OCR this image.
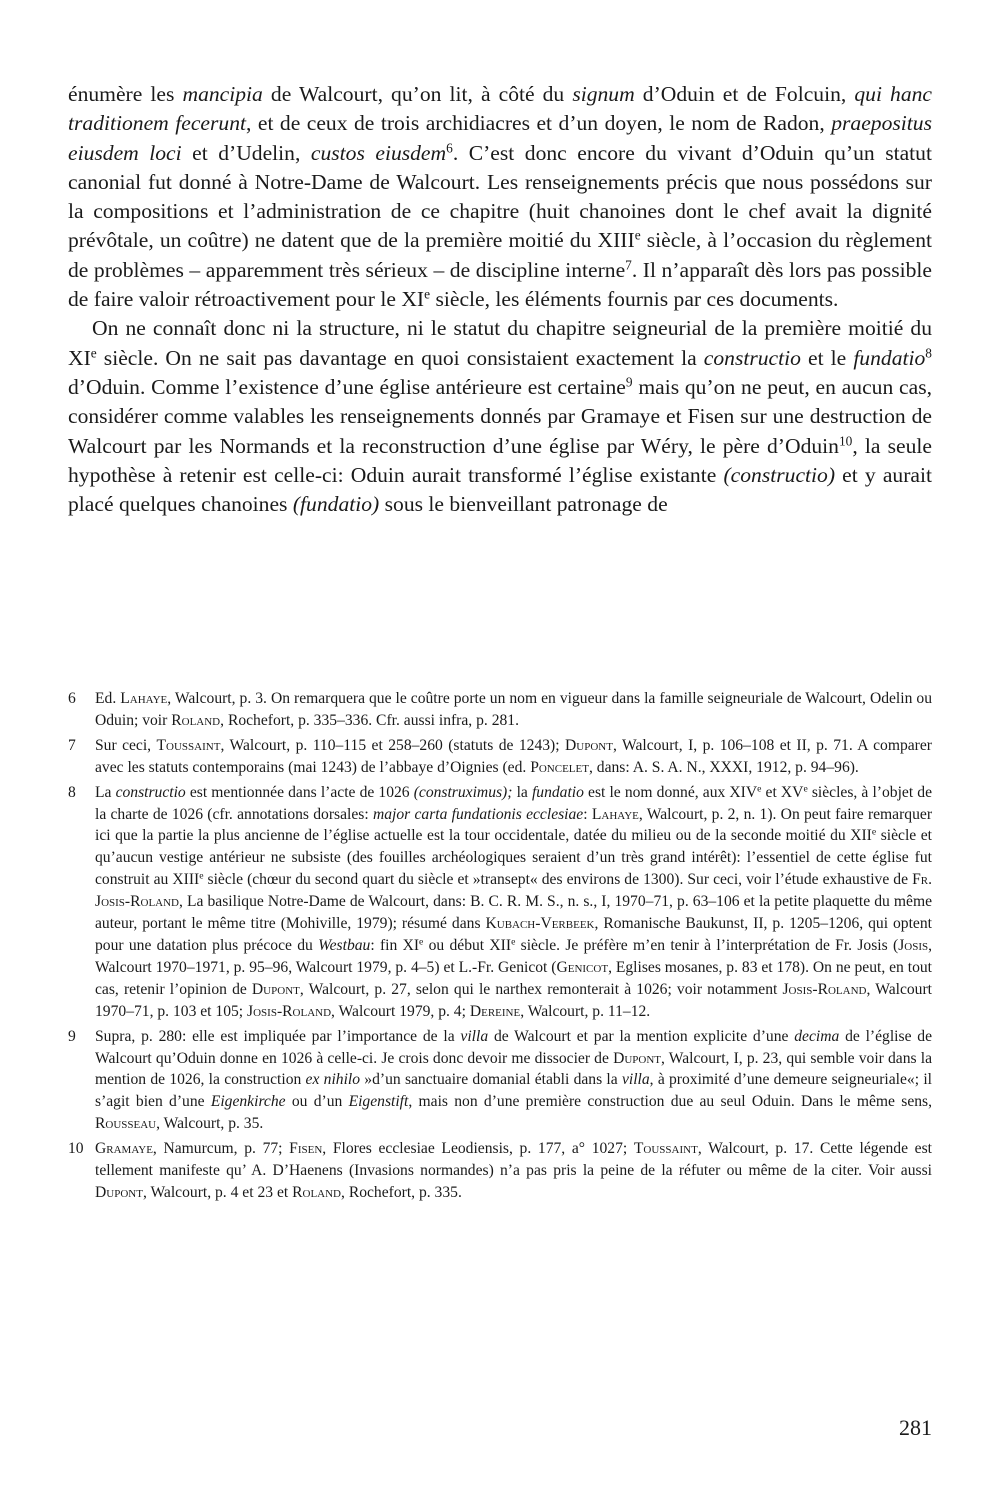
énumère les mancipia de Walcourt, qu’on lit, à côté du signum d’Oduin et de Folcuin, qui hanc traditionem fecerunt, et de ceux de trois archidiacres et d’un doyen, le nom de Radon, praepositus eiusdem loci et d’Udelin, custos eiusdem$^6$. C’est donc encore du vivant d’Oduin qu’un statut canonial fut donné à Notre-Dame de Walcourt. Les renseignements précis que nous possédons sur la compositions et l’administration de ce chapitre (huit chanoines dont le chef avait la dignité prévôtale, un coûtre) ne datent que de la première moitié du XIIIe siècle, à l’occasion du règlement de problèmes – apparemment très sérieux – de discipline interne$^7$. Il n’apparaît dès lors pas possible de faire valoir rétroactivement pour le XIe siècle, les éléments fournis par ces documents.

On ne connaît donc ni la structure, ni le statut du chapitre seigneurial de la première moitié du XIe siècle. On ne sait pas davantage en quoi consistaient exactement la constructio et le fundatio$^8$ d’Oduin. Comme l’existence d’une église antérieure est certaine$^9$ mais qu’on ne peut, en aucun cas, considérer comme valables les renseignements donnés par Gramaye et Fisen sur une destruction de Walcourt par les Normands et la reconstruction d’une église par Wéry, le père d’Oduin$^{10}$, la seule hypothèse à retenir est celle-ci: Oduin aurait transformé l’église existante (constructio) et y aurait placé quelques chanoines (fundatio) sous le bienveillant patronage de

6 Ed. Lahaye, Walcourt, p. 3. On remarquera que le coûtre porte un nom en vigueur dans la famille seigneuriale de Walcourt, Odelin ou Oduin; voir Roland, Rochefort, p. 335–336. Cfr. aussi infra, p. 281.
7 Sur ceci, Toussaint, Walcourt, p. 110–115 et 258–260 (statuts de 1243); Dupont, Walcourt, I, p. 106–108 et II, p. 71. A comparer avec les statuts contemporains (mai 1243) de l’abbaye d’Oignies (ed. Poncelet, dans: A. S. A. N., XXXI, 1912, p. 94–96).
8 La constructio est mentionnée dans l’acte de 1026 (construximus); la fundatio est le nom donné, aux XIVe et XVe siècles, à l’objet de la charte de 1026 (cfr. annotations dorsales: major carta fundationis ecclesiae: Lahaye, Walcourt, p. 2, n. 1). On peut faire remarquer ici que la partie la plus ancienne de l’église actuelle est la tour occidentale, datée du milieu ou de la seconde moitié du XIIe siècle et qu’aucun vestige antérieur ne subsiste (des fouilles archéologiques seraient d’un très grand intérêt): l’essentiel de cette église fut construit au XIIIe siècle (chœur du second quart du siècle et »transept« des environs de 1300). Sur ceci, voir l’étude exhaustive de Fr. Josis-Roland, La basilique Notre-Dame de Walcourt, dans: B. C. R. M. S., n. s., I, 1970–71, p. 63–106 et la petite plaquette du même auteur, portant le même titre (Mohiville, 1979); résumé dans Kubach-Verbeek, Romanische Baukunst, II, p. 1205–1206, qui optent pour une datation plus précoce du Westbau: fin XIe ou début XIIe siècle. Je préfère m’en tenir à l’interprétation de Fr. Josis (Josis, Walcourt 1970–1971, p. 95–96, Walcourt 1979, p. 4–5) et L.-Fr. Genicot (Genicot, Eglises mosanes, p. 83 et 178). On ne peut, en tout cas, retenir l’opinion de Dupont, Walcourt, p. 27, selon qui le narthex remonterait à 1026; voir notamment Josis-Roland, Walcourt 1970–71, p. 103 et 105; Josis-Roland, Walcourt 1979, p. 4; Dereine, Walcourt, p. 11–12.
9 Supra, p. 280: elle est impliquée par l’importance de la villa de Walcourt et par la mention explicite d’une decima de l’église de Walcourt qu’Oduin donne en 1026 à celle-ci. Je crois donc devoir me dissocier de Dupont, Walcourt, I, p. 23, qui semble voir dans la mention de 1026, la construction ex nihilo »d’un sanctuaire domanial établi dans la villa, à proximité d’une demeure seigneuriale«; il s’agit bien d’une Eigenkirche ou d’un Eigenstift, mais non d’une première construction due au seul Oduin. Dans le même sens, Rousseau, Walcourt, p. 35.
10 Gramaye, Namurcum, p. 77; Fisen, Flores ecclesiae Leodiensis, p. 177, a° 1027; Toussaint, Walcourt, p. 17. Cette légende est tellement manifeste qu’ A. D’Haenens (Invasions normandes) n’a pas pris la peine de la réfuter ou même de la citer. Voir aussi Dupont, Walcourt, p. 4 et 23 et Roland, Rochefort, p. 335.
281
